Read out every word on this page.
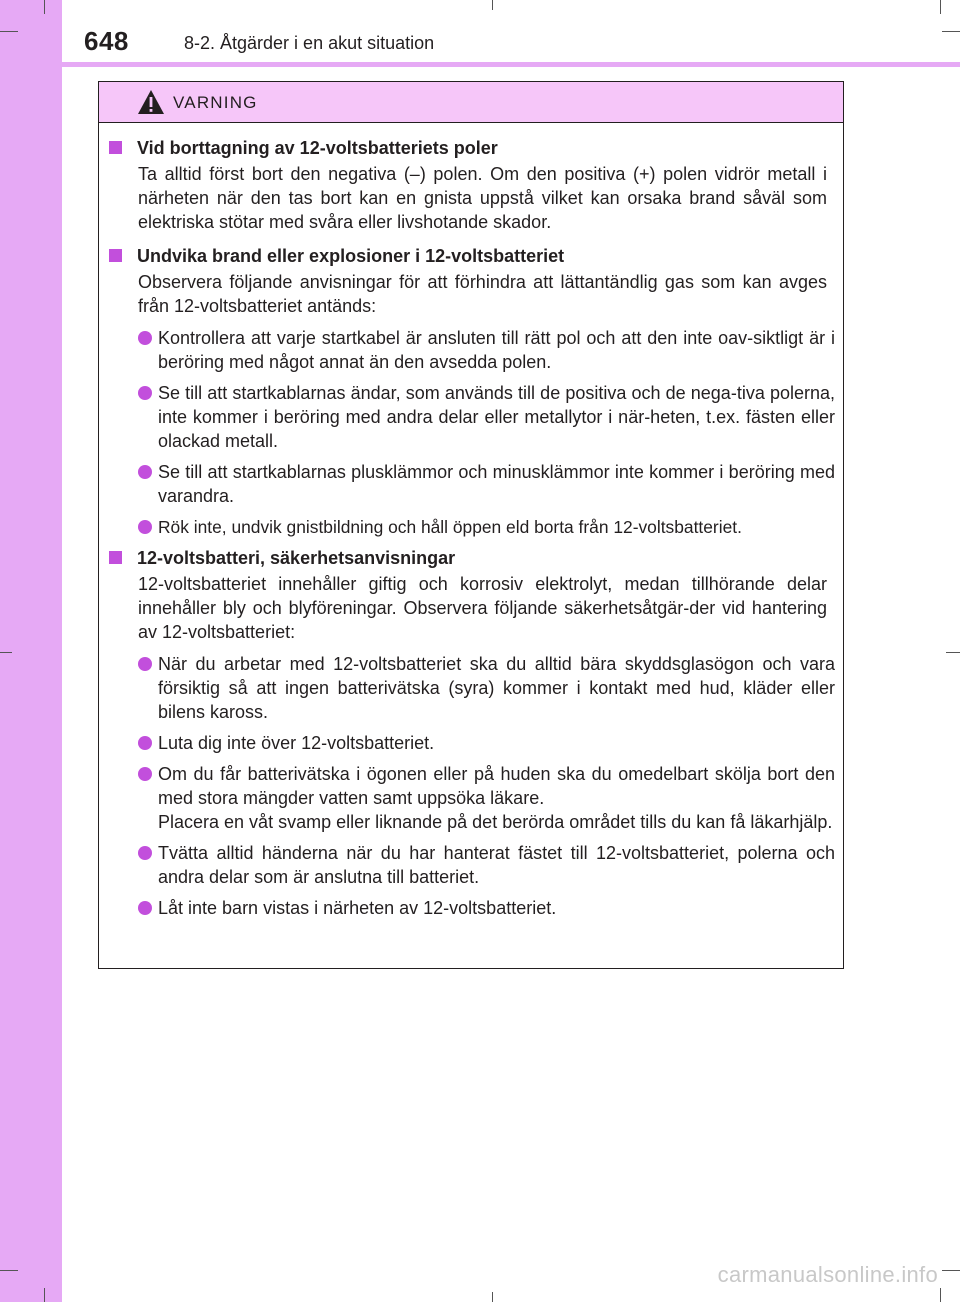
648	8-2. Åtgärder i en akut situation
VARNING
Vid borttagning av 12-voltsbatteriets poler
Ta alltid först bort den negativa (–) polen. Om den positiva (+) polen vidrör metall i närheten när den tas bort kan en gnista uppstå vilket kan orsaka brand såväl som elektriska stötar med svåra eller livshotande skador.
Undvika brand eller explosioner i 12-voltsbatteriet
Observera följande anvisningar för att förhindra att lättantändlig gas som kan avges från 12-voltsbatteriet antänds:
Kontrollera att varje startkabel är ansluten till rätt pol och att den inte oav-siktligt är i beröring med något annat än den avsedda polen.
Se till att startkablarnas ändar, som används till de positiva och de nega-tiva polerna, inte kommer i beröring med andra delar eller metallytor i när-heten, t.ex. fästen eller olackad metall.
Se till att startkablarnas plusklämmor och minusklämmor inte kommer i beröring med varandra.
Rök inte, undvik gnistbildning och håll öppen eld borta från 12-voltsbatteriet.
12-voltsbatteri, säkerhetsanvisningar
12-voltsbatteriet innehåller giftig och korrosiv elektrolyt, medan tillhörande delar innehåller bly och blyföreningar. Observera följande säkerhetsåtgär-der vid hantering av 12-voltsbatteriet:
När du arbetar med 12-voltsbatteriet ska du alltid bära skyddsglasögon och vara försiktig så att ingen batterivätska (syra) kommer i kontakt med hud, kläder eller bilens kaross.
Luta dig inte över 12-voltsbatteriet.
Om du får batterivätska i ögonen eller på huden ska du omedelbart skölja bort den med stora mängder vatten samt uppsöka läkare.
Placera en våt svamp eller liknande på det berörda området tills du kan få läkarhjälp.
Tvätta alltid händerna när du har hanterat fästet till 12-voltsbatteriet, polerna och andra delar som är anslutna till batteriet.
Låt inte barn vistas i närheten av 12-voltsbatteriet.
carmanualsonline.info
